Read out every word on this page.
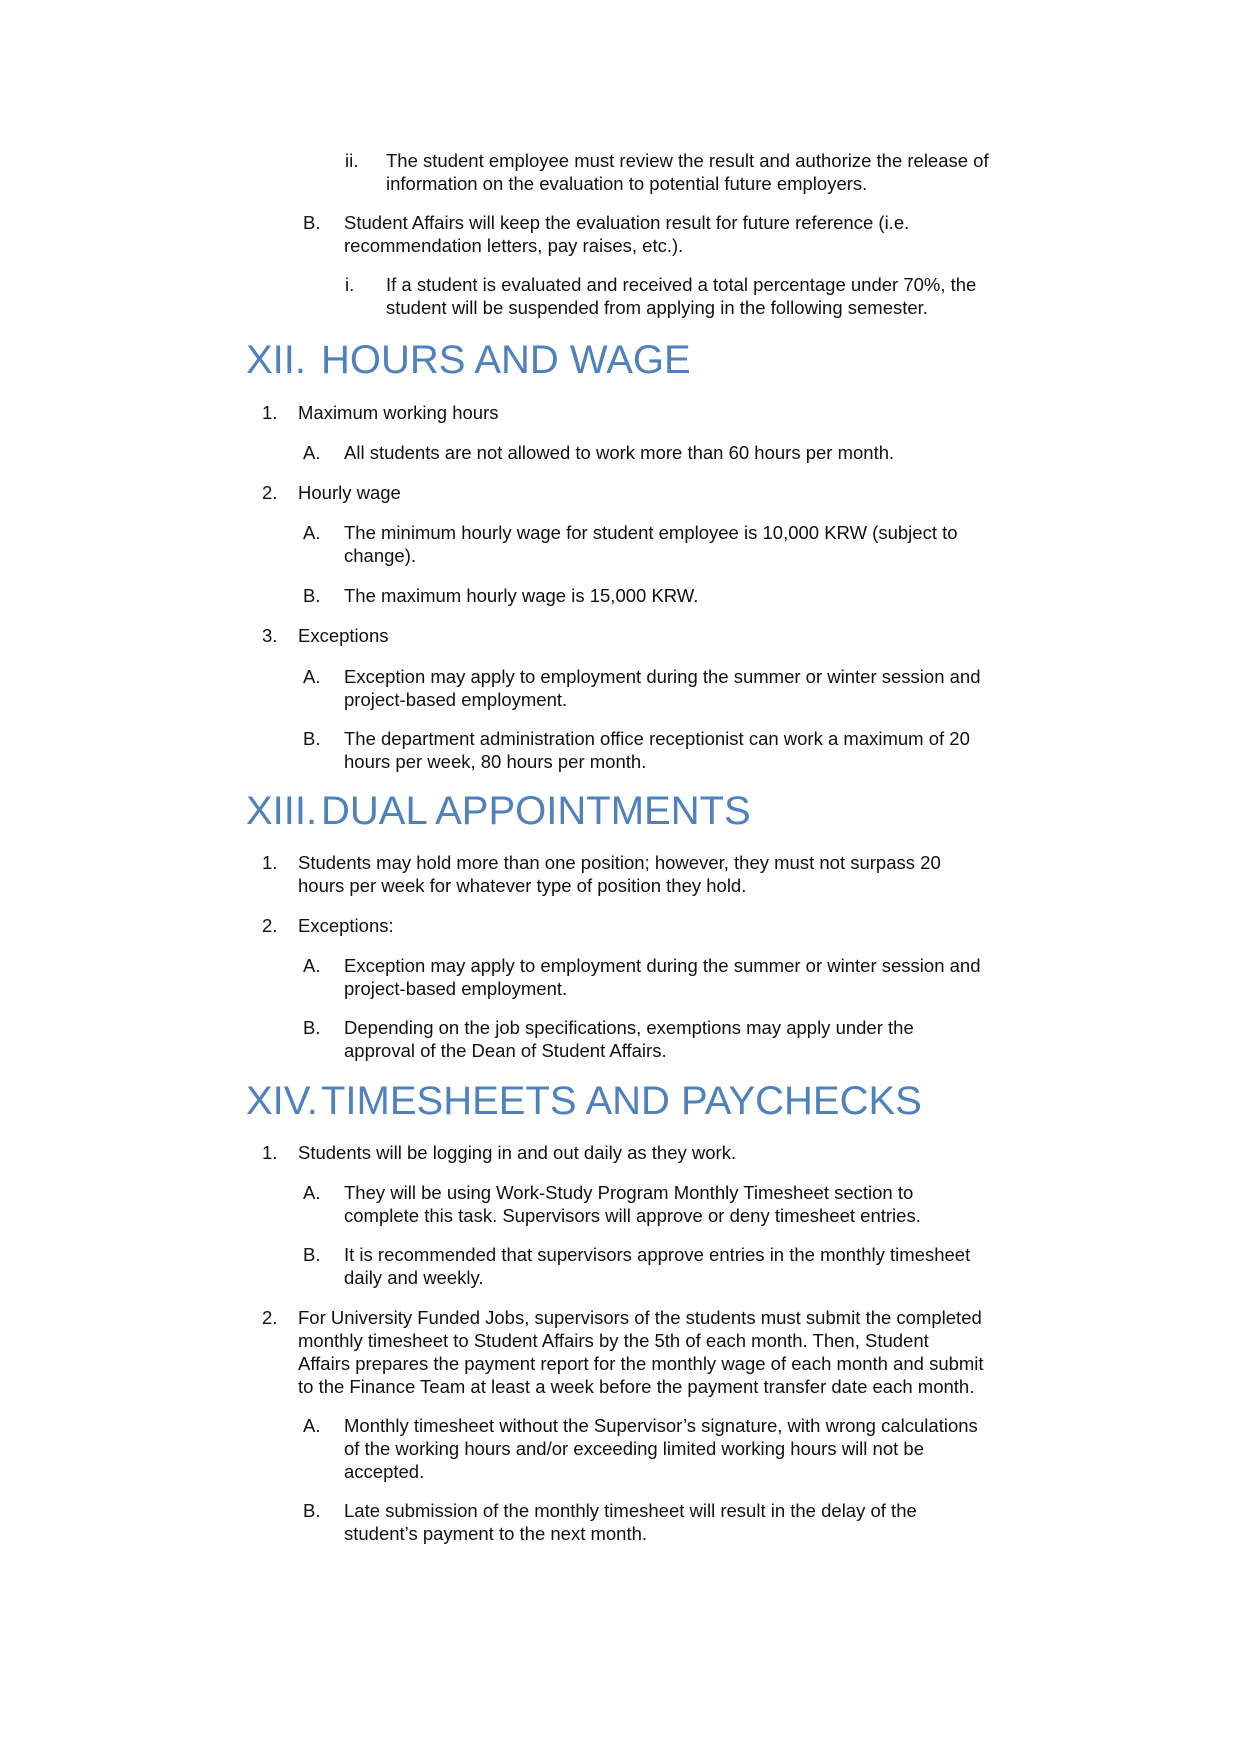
ii. The student employee must review the result and authorize the release of
information on the evaluation to potential future employers.
B. Student Affairs will keep the evaluation result for future reference (i.e.
recommendation letters, pay raises, etc.).
i. If a student is evaluated and received a total percentage under 70%, the
student will be suspended from applying in the following semester.
XII. HOURS AND WAGE
1. Maximum working hours
A. All students are not allowed to work more than 60 hours per month.
2. Hourly wage
A. The minimum hourly wage for student employee is 10,000 KRW (subject to
change).
B. The maximum hourly wage is 15,000 KRW.
3. Exceptions
A. Exception may apply to employment during the summer or winter session and
project-based employment.
B. The department administration office receptionist can work a maximum of 20
hours per week, 80 hours per month.
XIII.DUAL APPOINTMENTS
1. Students may hold more than one position; however, they must not surpass 20
hours per week for whatever type of position they hold.
2. Exceptions:
A. Exception may apply to employment during the summer or winter session and
project-based employment.
B. Depending on the job specifications, exemptions may apply under the
approval of the Dean of Student Affairs.
XIV.TIMESHEETS AND PAYCHECKS
1. Students will be logging in and out daily as they work.
A. They will be using Work-Study Program Monthly Timesheet section to
complete this task. Supervisors will approve or deny timesheet entries.
B. It is recommended that supervisors approve entries in the monthly timesheet
daily and weekly.
2. For University Funded Jobs, supervisors of the students must submit the completed
monthly timesheet to Student Affairs by the 5th of each month. Then, Student
Affairs prepares the payment report for the monthly wage of each month and submit
to the Finance Team at least a week before the payment transfer date each month.
A. Monthly timesheet without the Supervisor’s signature, with wrong calculations
of the working hours and/or exceeding limited working hours will not be
accepted.
B. Late submission of the monthly timesheet will result in the delay of the
student’s payment to the next month.
